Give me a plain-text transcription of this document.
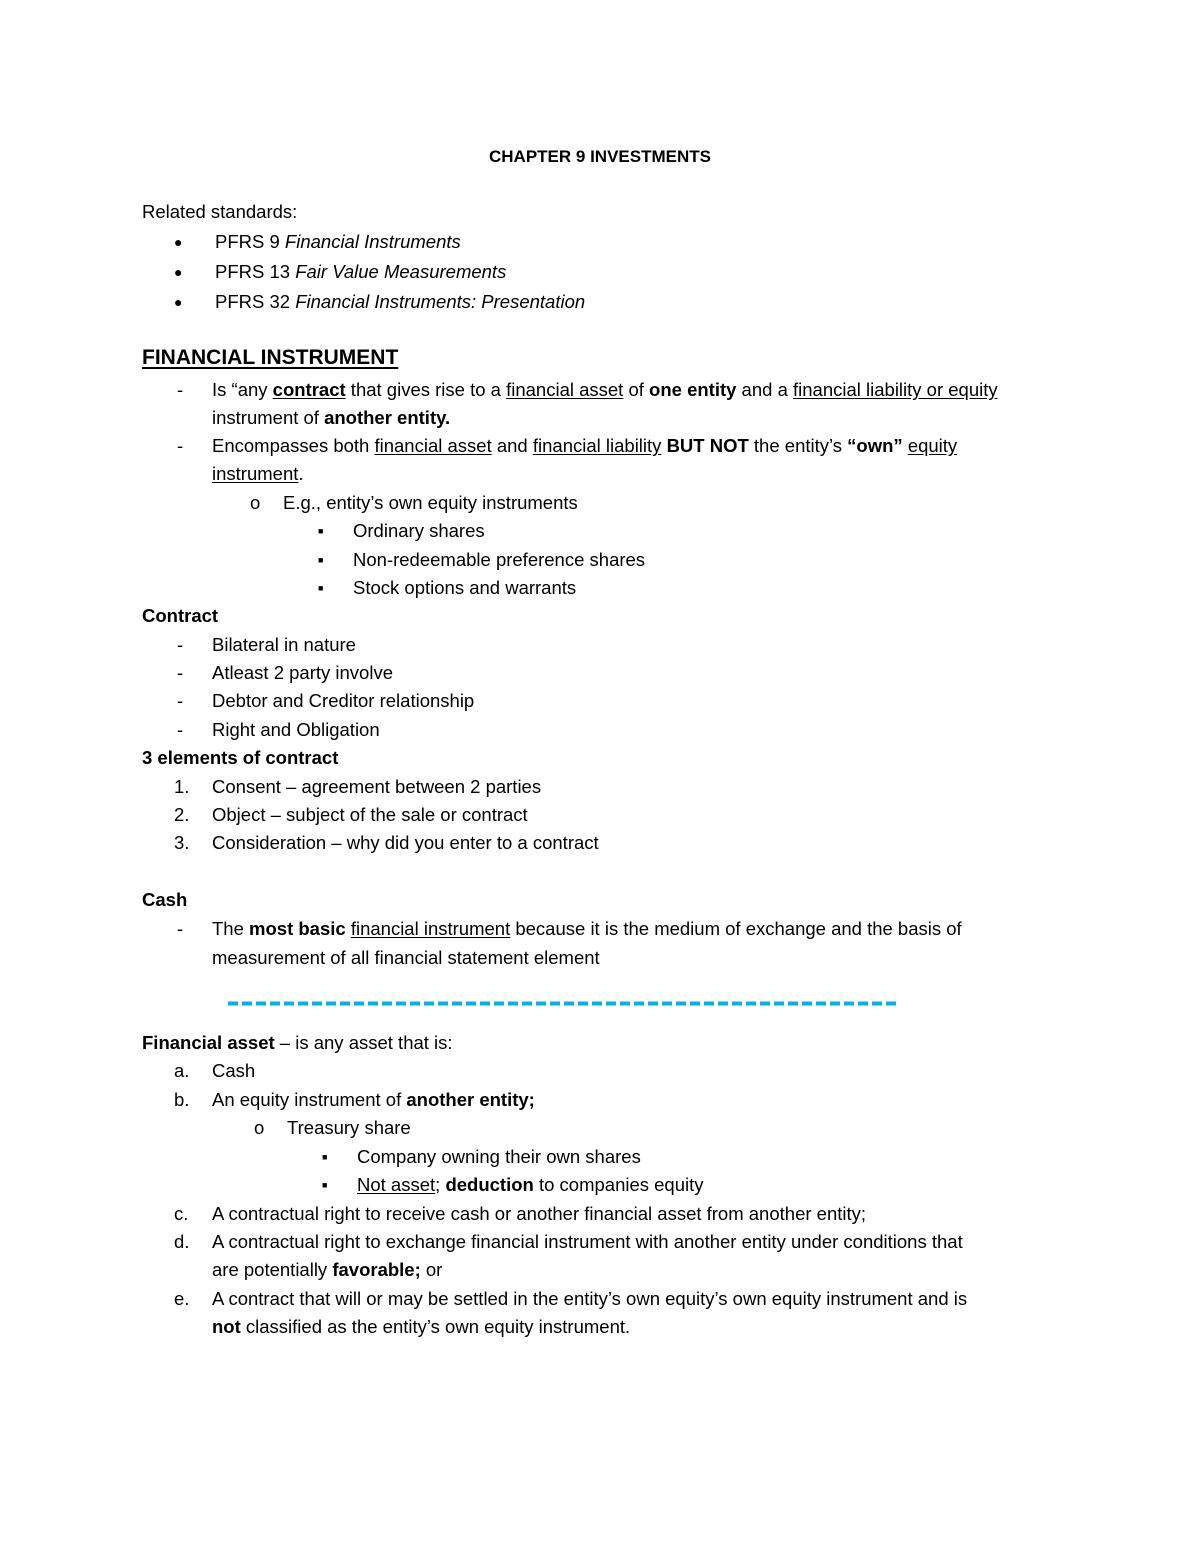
CHAPTER 9 INVESTMENTS
Related standards:
● PFRS 9 Financial Instruments
● PFRS 13 Fair Value Measurements
● PFRS 32 Financial Instruments: Presentation
FINANCIAL INSTRUMENT
- Is “any contract that gives rise to a financial asset of one entity and a financial liability or equity
instrument of another entity.
- Encompasses both financial asset and financial liability BUT NOT the entity’s “own” equity
instrument.
o E.g., entity’s own equity instruments
■ Ordinary shares
■ Non-redeemable preference shares
■ Stock options and warrants
Contract
- Bilateral in nature
- Atleast 2 party involve
- Debtor and Creditor relationship
- Right and Obligation
3 elements of contract
1. Consent – agreement between 2 parties
2. Object – subject of the sale or contract
3. Consideration – why did you enter to a contract
Cash
- The most basic financial instrument because it is the medium of exchange and the basis of
measurement of all financial statement element
Financial asset – is any asset that is:
a. Cash
b. An equity instrument of another entity;
o Treasury share
■ Company owning their own shares
■ Not asset; deduction to companies equity
c. A contractual right to receive cash or another financial asset from another entity;
d. A contractual right to exchange financial instrument with another entity under conditions that
are potentially favorable; or
e. A contract that will or may be settled in the entity’s own equity’s own equity instrument and is
not classified as the entity’s own equity instrument.
